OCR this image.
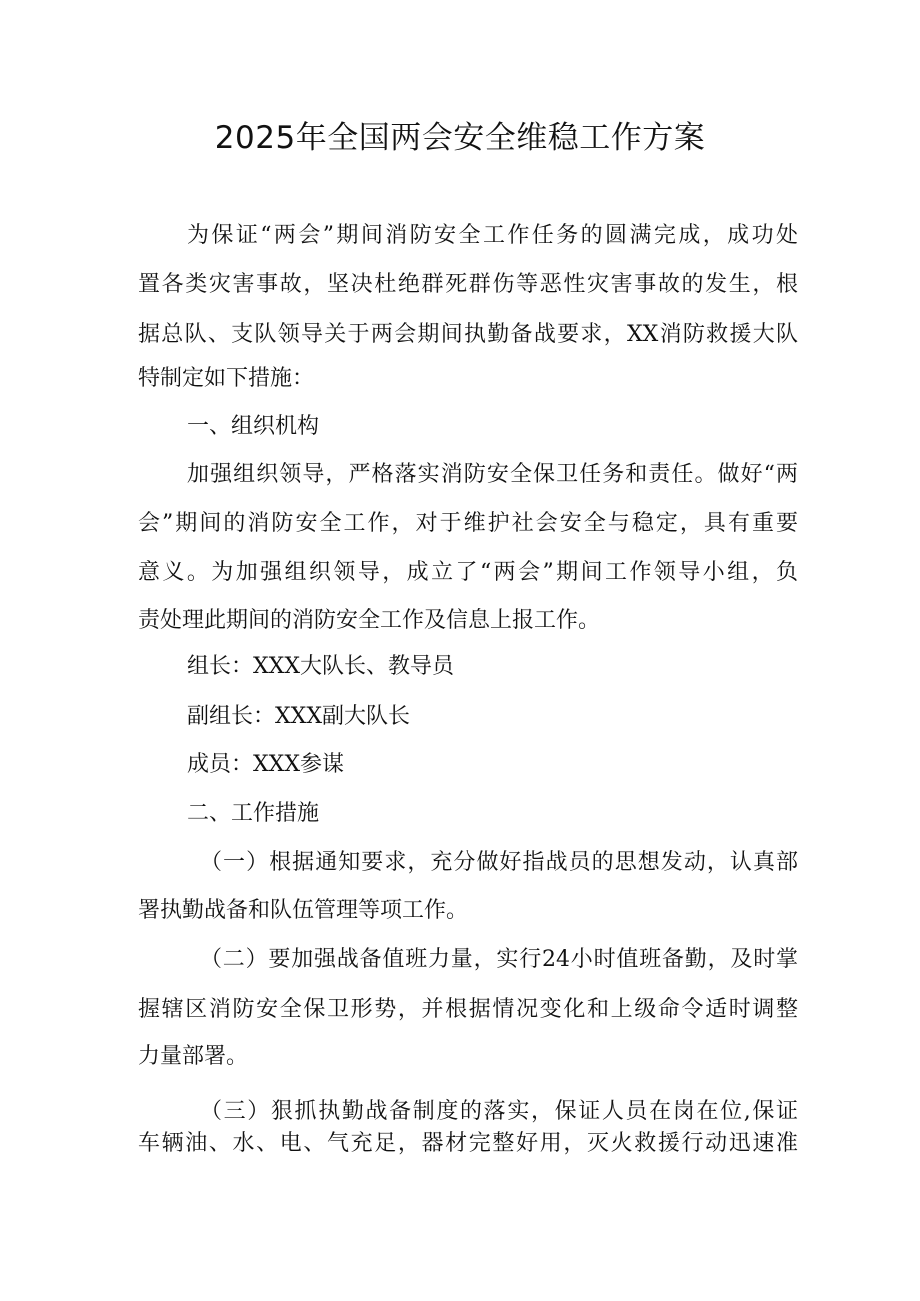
2025年全国两会安全维稳工作方案
为保证“两会”期间消防安全工作任务的圆满完成，成功处
置各类灾害事故，坚决杜绝群死群伤等恶性灾害事故的发生，根
据总队、支队领导关于两会期间执勤备战要求，XX消防救援大队
特制定如下措施：
一、组织机构
加强组织领导，严格落实消防安全保卫任务和责任。做好“两
会”期间的消防安全工作，对于维护社会安全与稳定，具有重要
意义。为加强组织领导，成立了“两会”期间工作领导小组，负
责处理此期间的消防安全工作及信息上报工作。
组长：XXX大队长、教导员
副组长：XXX副大队长
成员：XXX参谋
二、工作措施
（一）根据通知要求，充分做好指战员的思想发动，认真部
署执勤战备和队伍管理等项工作。
（二）要加强战备值班力量，实行24小时值班备勤，及时掌
握辖区消防安全保卫形势，并根据情况变化和上级命令适时调整
力量部署。
（三）狠抓执勤战备制度的落实，保证人员在岗在位,保证
车辆油、水、电、气充足，器材完整好用，灭火救援行动迅速准
